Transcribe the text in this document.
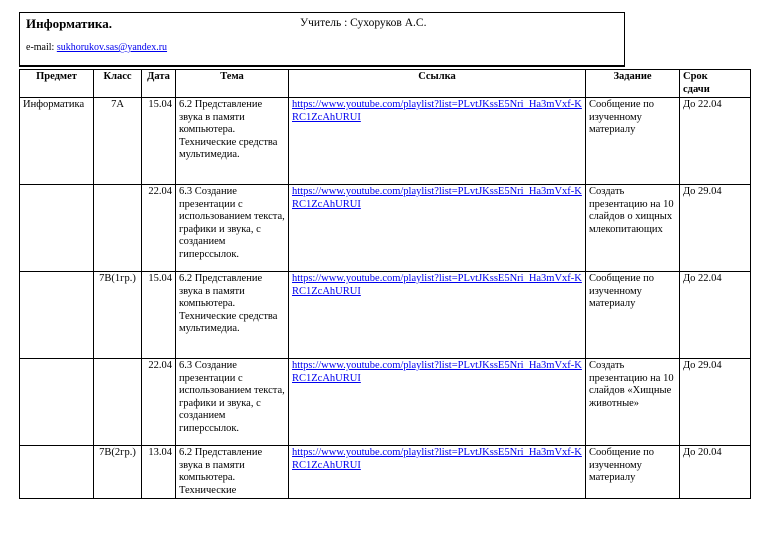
Информатика.	Учитель : Сухоруков А.С.
e-mail: sukhorukov.sas@yandex.ru
Предмет	Класс	Дата	Тема	Ссылка	Задание	Срок
сдачи
Информатика	7А	15.04	6.2 Представление звука в памяти компьютера. Технические средства мультимедиа.	https://www.youtube.com/playlist?list=PLvtJKssE5Nri_Ha3mVxf-KRC1ZcAhURUI	Сообщение по изученному материалу	До 22.04
		22.04	6.3 Создание презентации с использованием текста, графики и звука, с созданием гиперссылок.	https://www.youtube.com/playlist?list=PLvtJKssE5Nri_Ha3mVxf-KRC1ZcAhURUI	Создать презентацию на 10 слайдов о хищных млекопитающих	До 29.04
	7В(1гр.)	15.04	6.2 Представление звука в памяти компьютера. Технические средства мультимедиа.	https://www.youtube.com/playlist?list=PLvtJKssE5Nri_Ha3mVxf-KRC1ZcAhURUI	Сообщение по изученному материалу	До 22.04
		22.04	6.3 Создание презентации с использованием текста, графики и звука, с созданием гиперссылок.	https://www.youtube.com/playlist?list=PLvtJKssE5Nri_Ha3mVxf-KRC1ZcAhURUI	Создать презентацию на 10 слайдов «Хищные животные»	До 29.04
	7В(2гр.)	13.04	6.2 Представление звука в памяти компьютера. Технические	https://www.youtube.com/playlist?list=PLvtJKssE5Nri_Ha3mVxf-KRC1ZcAhURUI	Сообщение по изученному материалу	До 20.04
